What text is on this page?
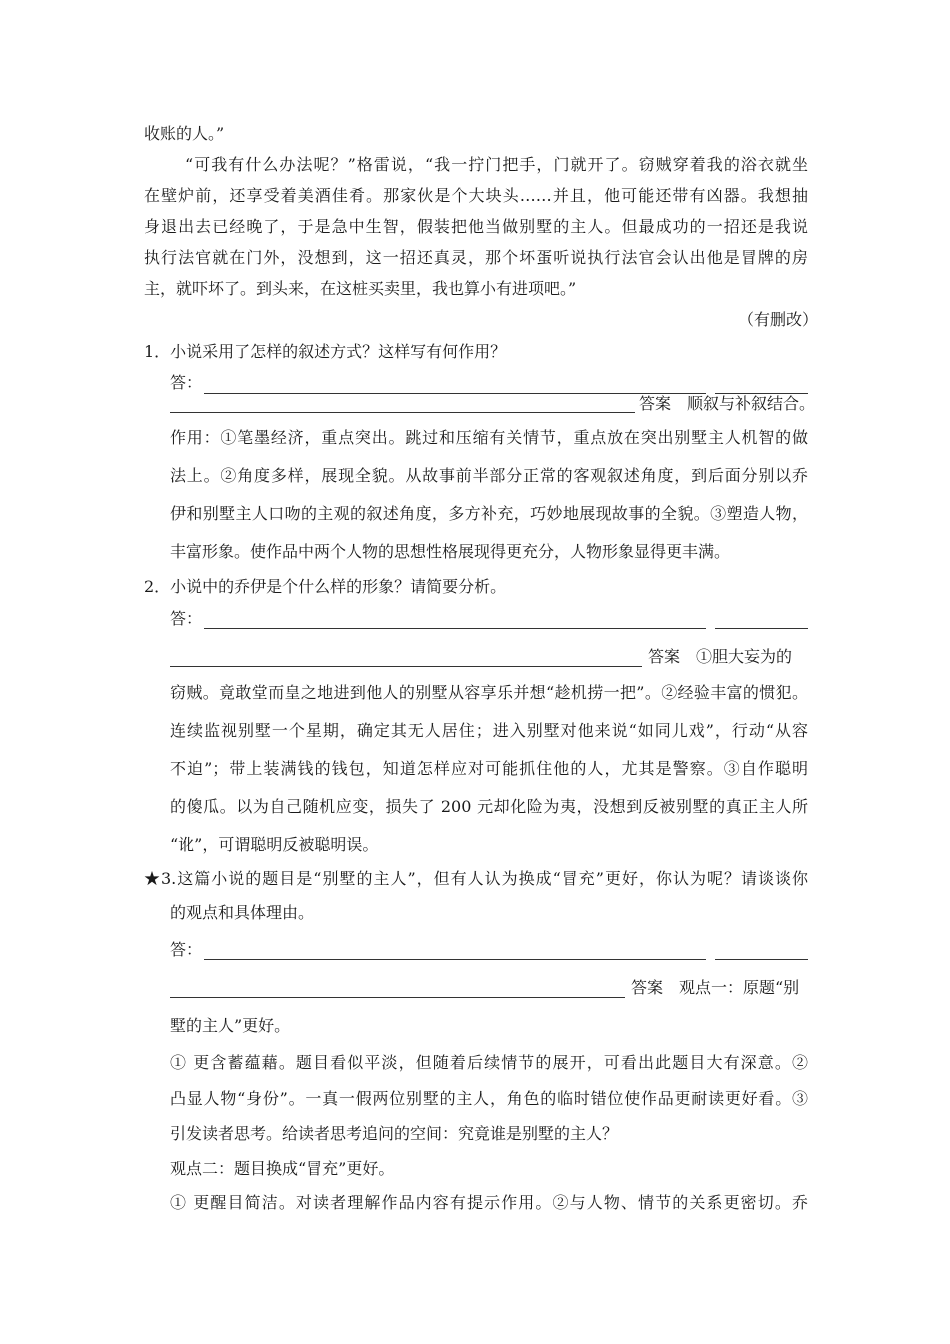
收账的人。”
“可我有什么办法呢？”格雷说，“我一拧门把手，门就开了。窃贼穿着我的浴衣就坐
在壁炉前，还享受着美酒佳肴。那家伙是个大块头……并且，他可能还带有凶器。我想抽
身退出去已经晚了，于是急中生智，假装把他当做别墅的主人。但最成功的一招还是我说
执行法官就在门外，没想到，这一招还真灵，那个坏蛋听说执行法官会认出他是冒牌的房
主，就吓坏了。到头来，在这桩买卖里，我也算小有进项吧。”
（有删改）
1．小说采用了怎样的叙述方式？这样写有何作用？
答：
答案　顺叙与补叙结合。
作用：①笔墨经济，重点突出。跳过和压缩有关情节，重点放在突出别墅主人机智的做
法上。②角度多样，展现全貌。从故事前半部分正常的客观叙述角度，到后面分别以乔
伊和别墅主人口吻的主观的叙述角度，多方补充，巧妙地展现故事的全貌。③塑造人物，
丰富形象。使作品中两个人物的思想性格展现得更充分，人物形象显得更丰满。
2．小说中的乔伊是个什么样的形象？请简要分析。
答：
答案　①胆大妄为的
窃贼。竟敢堂而皇之地进到他人的别墅从容享乐并想“趁机捞一把”。②经验丰富的惯犯。
连续监视别墅一个星期，确定其无人居住；进入别墅对他来说“如同儿戏”，行动“从容
不迫”；带上装满钱的钱包，知道怎样应对可能抓住他的人，尤其是警察。③自作聪明
的傻瓜。以为自己随机应变，损失了 200 元却化险为夷，没想到反被别墅的真正主人所
“讹”，可谓聪明反被聪明误。
★3.这篇小说的题目是“别墅的主人”，但有人认为换成“冒充”更好，你认为呢？请谈谈你
的观点和具体理由。
答：
答案　观点一：原题“别
墅的主人”更好。
① 更含蓄蕴藉。题目看似平淡，但随着后续情节的展开，可看出此题目大有深意。②
凸显人物“身份”。一真一假两位别墅的主人，角色的临时错位使作品更耐读更好看。③
引发读者思考。给读者思考追问的空间：究竟谁是别墅的主人？
观点二：题目换成“冒充”更好。
① 更醒目简洁。对读者理解作品内容有提示作用。②与人物、情节的关系更密切。乔
